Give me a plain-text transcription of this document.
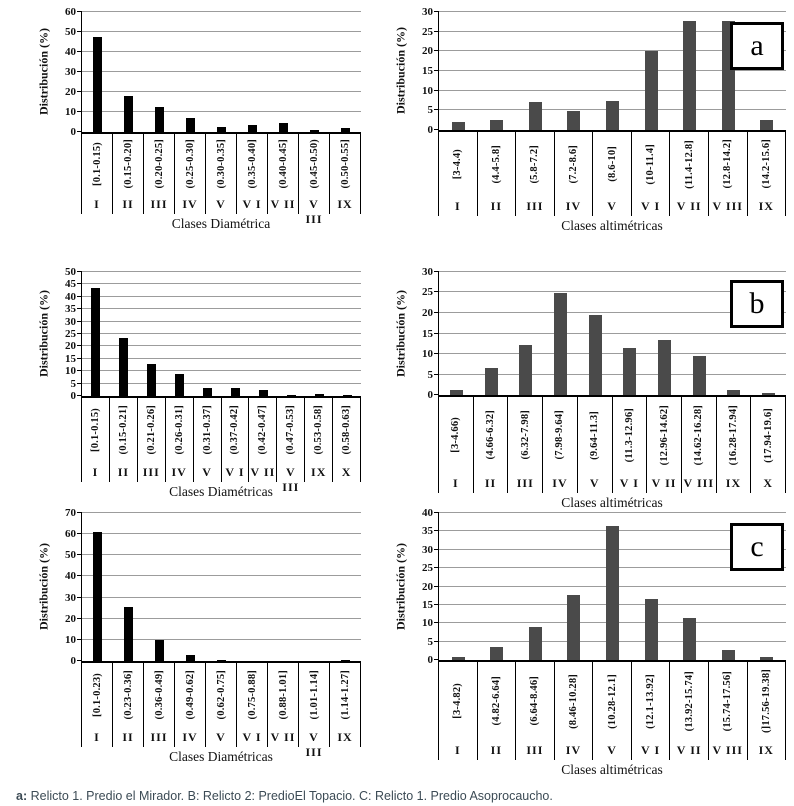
Distribución (%)
0
10
20
30
40
50
60
[0.1-0.15) (0.15-0.20] (0.20-0.25] (0.25-0.30] (0.30-0.35] (0.35-0.40] (0.40-0.45] (0.45-0.50) (0.50-0.55]
I	II	III	IV	V	V I V II	V III
IX
Clases Diamétrica
Distribución (%)
0
5
10
15
20
25
30
[3-4.4)	(4.4-5.8]	(5.8-7.2]	(7.2-8.6]	(8.6-10]	(10-11.4]	(11.4-12.8]	(12.8-14.2]	(14.2-15.6]
I	II	III	IV	V	V I	V II V III	IX
Clases altimétricas
a
Distribución (%)
0
5
10
15
20
25
30
35
40
45
50
[0.1-0.15) (0.15-0.21] (0.21-0.26] (0.26-0.31] (0.31-0.37] (0.37-0.42] (0.42-0.47] (0.47-0.53] (0.53-0.58] (0.58-0.63]
I	II	III IV	V	V I V II V III
IX	X
Clases Diamétricas
Distribución (%)
0
5
10
15
20
25
30
[3-4.66) (4.66-6.32] (6.32-7.98] (7.98-9.64] (9.64-11.3] (11.3-12.96] (12.96-14.62] (14.62-16.28] (16.28-17.94] (17.94-19.6]
I	II	III	IV	V	V I	V II V III IX	X
Clases altimétricas
b
Distribución (%)
0
10
20
30
40
50
60
70
[0.1-0.23) (0.23-0.36] (0.36-0.49] (0.49-0.62] (0.62-0.75] (0.75-0.88] (0.88-1.01] (1.01-1.14] (1.14-1.27]
I	II	III	IV	V	V I V II	V III
IX
Clases Diamétricas
Distribución (%)
0
5
10
15
20
25
30
35
40
[3-4.82)	(4.82-6.64]	(6.64-8.46]	(8.46-10.28]	(10.28-12.1]	(12.1-13.92]	(13.92-15.74]	(15.74-17.56]	(]17.56-19.38]
I	II	III	IV	V	V I	V II V III	IX
Clases altimétricas
c

a: Relicto 1. Predio el Mirador. B: Relicto 2: PredioEl Topacio. C: Relicto 1. Predio Asoprocaucho.
